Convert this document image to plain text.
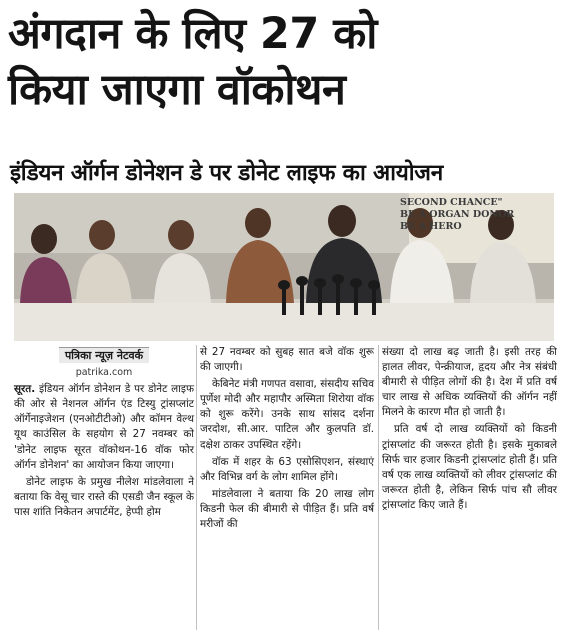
अंगदान के लिए 27 को
किया जाएगा वॉकोथन
इंडियन ऑर्गन डोनेशन डे पर डोनेट लाइफ का आयोजन
SECOND CHANCE"
BE A ORGAN DONOR
BE A HERO
पत्रिका न्यूज़ नेटवर्क
patrika.com

सूरत. इंडियन ऑर्गन डोनेशन डे पर डोनेट लाइफ की ओर से नेशनल ऑर्गन एंड टिस्यु ट्रांसप्लांट ऑर्गेनाइजेशन (एनओटीटीओ) और कॉमन वेल्थ यूथ काउंसिल के सहयोग से 27 नवम्बर को 'डोनेट लाइफ सूरत वॉकोथन-16 वॉक फोर ऑर्गन डोनेशन' का आयोजन किया जाएगा।

डोनेट लाइफ के प्रमुख नीलेश मांडलेवाला ने बताया कि वेसू चार रास्ते की एसडी जैन स्कूल के पास शांति निकेतन अपार्टमेंट, हेप्पी होम

से 27 नवम्बर को सुबह सात बजे वॉक शुरू की जाएगी।

केबिनेट मंत्री गणपत वसावा, संसदीय सचिव पूर्णेश मोदी और महापौर अस्मिता शिरोया वॉक को शुरू करेंगे। उनके साथ सांसद दर्शना जरदोश, सी.आर. पाटिल और कुलपति डॉ. दक्षेश ठाकर उपस्थित रहेंगे।

वॉक में शहर के 63 एसोसिएशन, संस्थाएं और विभिन्न वर्ग के लोग शामिल होंगे।

मांडलेवाला ने बताया कि 20 लाख लोग किडनी फेल की बीमारी से पीड़ित हैं। प्रति वर्ष मरीजों की

संख्या दो लाख बढ़ जाती है। इसी तरह की हालत लीवर, पेन्क्रीयाज, हृदय और नेत्र संबंधी बीमारी से पीड़ित लोगों की है। देश में प्रति वर्ष चार लाख से अधिक व्यक्तियों की ऑर्गन नहीं मिलने के कारण मौत हो जाती है।

प्रति वर्ष दो लाख व्यक्तियों को किडनी ट्रांसप्लांट की जरूरत होती है। इसके मुकाबले सिर्फ चार हजार किडनी ट्रांसप्लांट होती हैं। प्रति वर्ष एक लाख व्यक्तियों को लीवर ट्रांसप्लांट की जरूरत होती है, लेकिन सिर्फ पांच सौ लीवर ट्रांसप्लांट किए जाते हैं।
